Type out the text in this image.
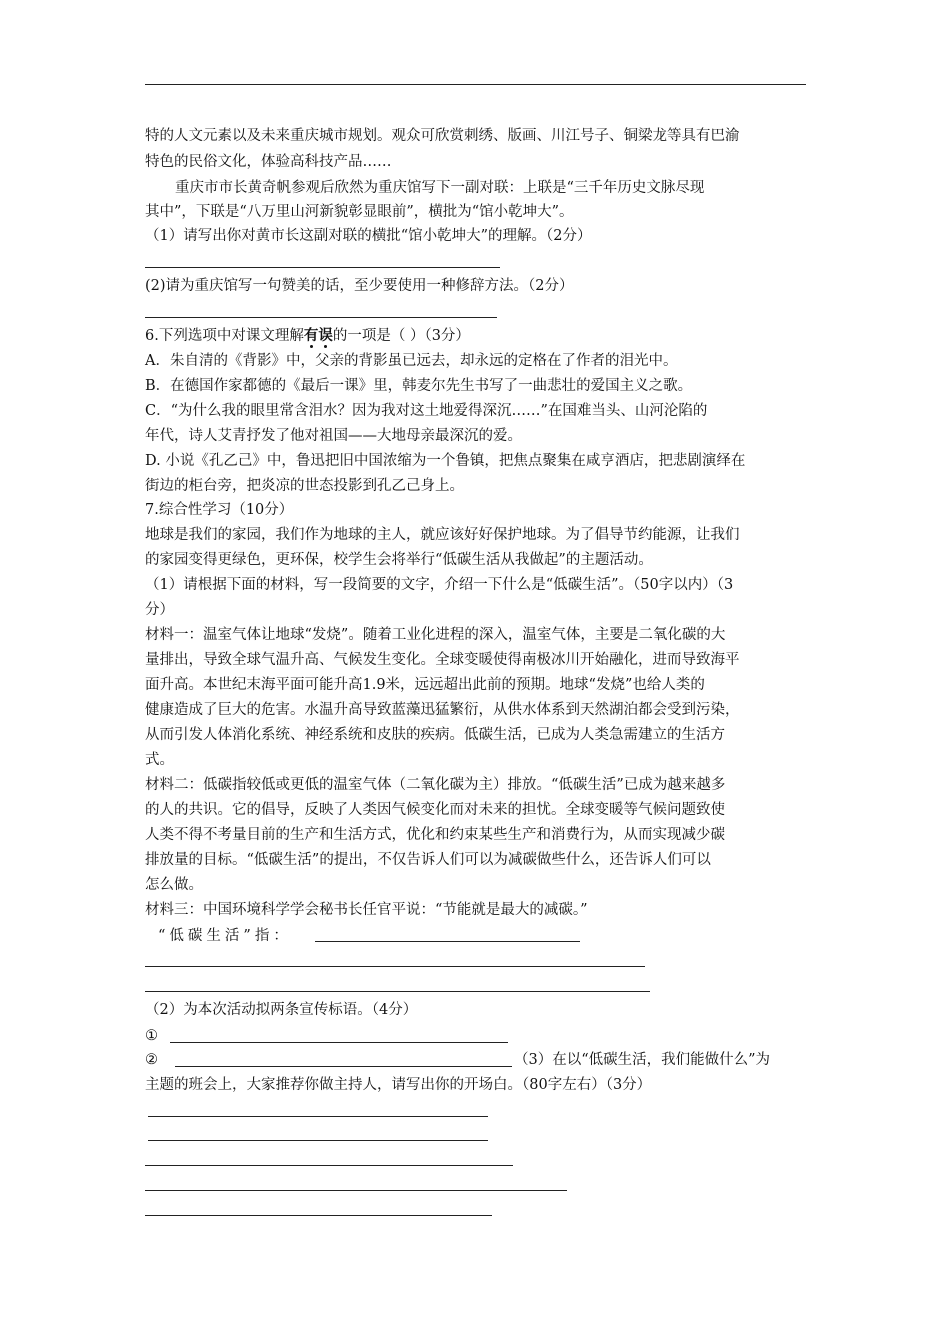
特的人文元素以及未来重庆城市规划。观众可欣赏刺绣、版画、川江号子、铜梁龙等具有巴渝
特色的民俗文化，体验高科技产品……
重庆市市长黄奇帆参观后欣然为重庆馆写下一副对联：上联是“三千年历史文脉尽现
其中”，下联是“八万里山河新貌彰显眼前”，横批为“馆小乾坤大”。
（1）请写出你对黄市长这副对联的横批“馆小乾坤大”的理解。（2分）
(2)请为重庆馆写一句赞美的话，至少要使用一种修辞方法。（2分）
6.下列选项中对课文理解有误的一项是（ ）（3分）
A．朱自清的《背影》中，父亲的背影虽已远去，却永远的定格在了作者的泪光中。
B．在德国作家都德的《最后一课》里，韩麦尔先生书写了一曲悲壮的爱国主义之歌。
C．“为什么我的眼里常含泪水？因为我对这土地爱得深沉……”在国难当头、山河沦陷的
年代，诗人艾青抒发了他对祖国——大地母亲最深沉的爱。
D. 小说《孔乙己》中，鲁迅把旧中国浓缩为一个鲁镇，把焦点聚集在咸亨酒店，把悲剧演绎在
街边的柜台旁，把炎凉的世态投影到孔乙己身上。
7.综合性学习（10分）
地球是我们的家园，我们作为地球的主人，就应该好好保护地球。为了倡导节约能源，让我们
的家园变得更绿色，更环保，校学生会将举行“低碳生活从我做起”的主题活动。
（1）请根据下面的材料，写一段简要的文字，介绍一下什么是“低碳生活”。（50字以内）（3
分）
材料一：温室气体让地球“发烧”。随着工业化进程的深入，温室气体，主要是二氧化碳的大
量排出，导致全球气温升高、气候发生变化。全球变暖使得南极冰川开始融化，进而导致海平
面升高。本世纪末海平面可能升高1.9米，远远超出此前的预期。地球“发烧”也给人类的
健康造成了巨大的危害。水温升高导致蓝藻迅猛繁衍，从供水体系到天然湖泊都会受到污染，
从而引发人体消化系统、神经系统和皮肤的疾病。低碳生活，已成为人类急需建立的生活方
式。
材料二：低碳指较低或更低的温室气体（二氧化碳为主）排放。“低碳生活”已成为越来越多
的人的共识。它的倡导，反映了人类因气候变化而对未来的担忧。全球变暖等气候问题致使
人类不得不考量目前的生产和生活方式，优化和约束某些生产和消费行为，从而实现减少碳
排放量的目标。“低碳生活”的提出，不仅告诉人们可以为减碳做些什么，还告诉人们可以
怎么做。
材料三：中国环境科学学会秘书长任官平说：“节能就是最大的减碳。”
“低碳生活”指：
（2）为本次活动拟两条宣传标语。（4分）
①
②	（3）在以“低碳生活，我们能做什么”为
主题的班会上，大家推荐你做主持人，请写出你的开场白。（80字左右）（3分）
